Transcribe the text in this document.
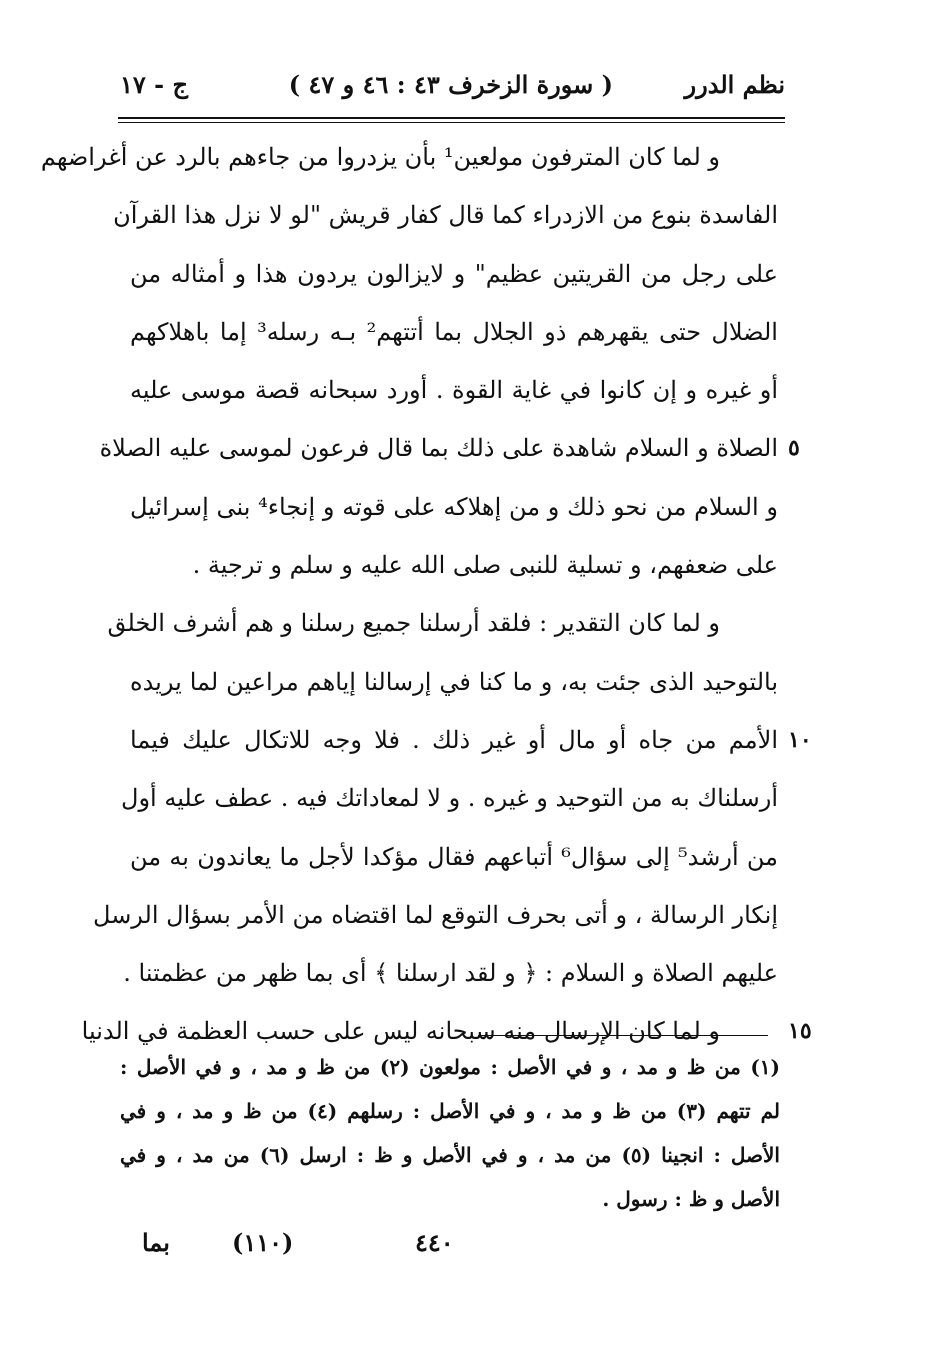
نظم الدرر
( سورة الزخرف ٤٣ : ٤٦ و ٤٧ )
ج - ١٧
و لما كان المترفون مولعين¹ بأن يزدروا من جاءهم بالرد عن أغراضهم
الفاسدة بنوع من الازدراء كما قال كفار قريش "لو لا نزل هذا القرآن
على رجل من القريتين عظيم" و لايزالون يردون هذا و أمثاله من
الضلال حتى يقهرهم ذو الجلال بما أتتهم² بـه رسله³ إما باهلاكهم
أو غيره و إن كانوا في غاية القوة . أورد سبحانه قصة موسى عليه
٥
الصلاة و السلام شاهدة على ذلك بما قال فرعون لموسى عليه الصلاة
و السلام من نحو ذلك و من إهلاكه على قوته و إنجاء⁴ بنى إسرائيل
على ضعفهم، و تسلية للنبى صلى الله عليه و سلم و ترجية .
و لما كان التقدير : فلقد أرسلنا جميع رسلنا و هم أشرف الخلق
بالتوحيد الذى جئت به، و ما كنا في إرسالنا إياهم مراعين لما يريده
١٠
الأمم من جاه أو مال أو غير ذلك . فلا وجه للاتكال عليك فيما
أرسلناك به من التوحيد و غيره . و لا لمعاداتك فيه . عطف عليه أول
من أرشد⁵ إلى سؤال⁶ أتباعهم فقال مؤكدا لأجل ما يعاندون به من
إنكار الرسالة ، و أتى بحرف التوقع لما اقتضاه من الأمر بسؤال الرسل
عليهم الصلاة و السلام : ﴿ و لقد ارسلنا ﴾ أى بما ظهر من عظمتنا .
١٥
و لما كان الإرسال منه سبحانه ليس على حسب العظمة في الدنيا
(١) من ظ و مد ، و في الأصل : مولعون (٢) من ظ و مد ، و في الأصل :
لم تتهم (٣) من ظ و مد ، و في الأصل : رسلهم (٤) من ظ و مد ، و في
الأصل : انجينا (٥) من مد ، و في الأصل و ظ : ارسل (٦) من مد ، و في
الأصل و ظ : رسول .
٤٤٠
(١١٠)
بما
